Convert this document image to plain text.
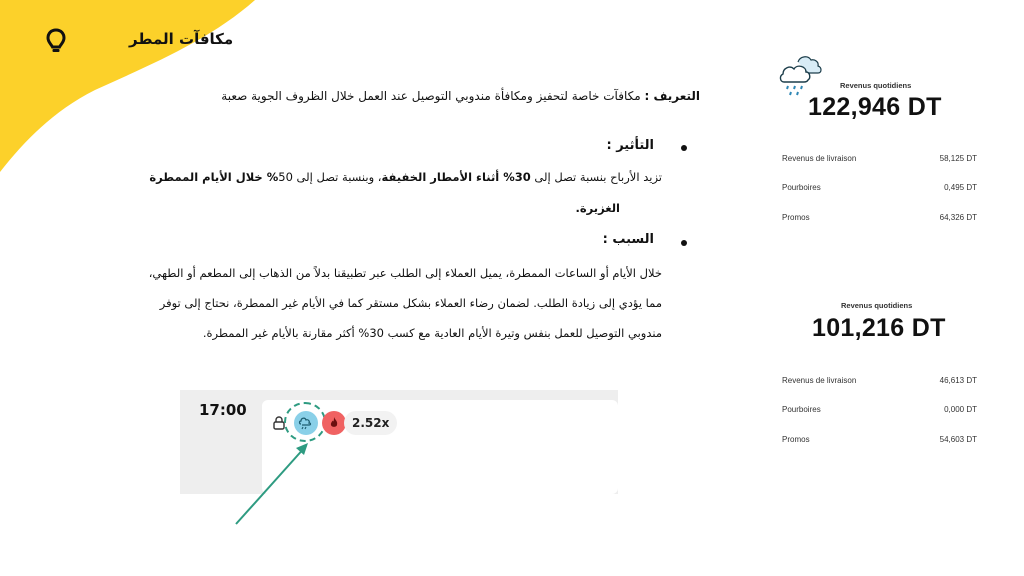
مكافآت المطر
التعريف : مكافآت خاصة لتحفيز ومكافأة مندوبي التوصيل عند العمل خلال الظروف الجوية صعبة
التأثير :
تزيد الأرباح بنسبة تصل إلى 30% أثناء الأمطار الخفيفة، وبنسبة تصل إلى 50% خلال الأيام الممطرة
الغزيرة.
السبب :
خلال الأيام أو الساعات الممطرة، يميل العملاء إلى الطلب عبر تطبيقنا بدلاً من الذهاب إلى المطعم أو الطهي،
مما يؤدي إلى زيادة الطلب. لضمان رضاء العملاء بشكل مستقر كما في الأيام غير الممطرة، نحتاج إلى توفر
مندوبي التوصيل للعمل بنفس وتيرة الأيام العادية مع كسب 30% أكثر مقارنة بالأيام غير الممطرة.
17:00
2.52x
Revenus quotidiens
122,946 DT
Revenus de livraison	58,125 DT
Pourboires	0,495 DT
Promos	64,326 DT
Revenus quotidiens
101,216 DT
Revenus de livraison	46,613 DT
Pourboires	0,000 DT
Promos	54,603 DT
